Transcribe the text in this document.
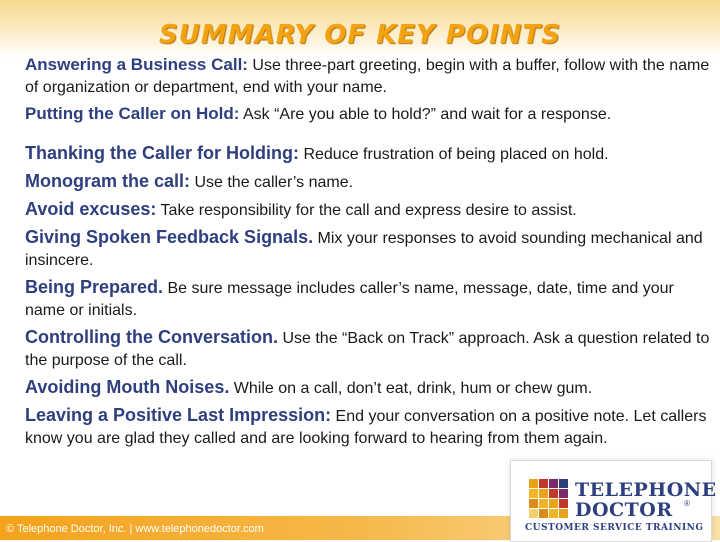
SUMMARY OF KEY POINTS

Answering a Business Call: Use three-part greeting, begin with a buffer, follow with the name of organization or department, end with your name.

Putting the Caller on Hold: Ask “Are you able to hold?” and wait for a response.

Thanking the Caller for Holding: Reduce frustration of being placed on hold.

Monogram the call: Use the caller’s name.

Avoid excuses: Take responsibility for the call and express desire to assist.

Giving Spoken Feedback Signals. Mix your responses to avoid sounding mechanical and insincere.

Being Prepared. Be sure message includes caller’s name, message, date, time and your name or initials.

Controlling the Conversation. Use the “Back on Track” approach. Ask a question related to the purpose of the call.

Avoiding Mouth Noises. While on a call, don’t eat, drink, hum or chew gum.

Leaving a Positive Last Impression: End your conversation on a positive note. Let callers know you are glad they called and are looking forward to hearing from them again.

© Telephone Doctor, Inc. | www.telephonedoctor.com
TELEPHONE
DOCTOR ®
CUSTOMER SERVICE TRAINING
